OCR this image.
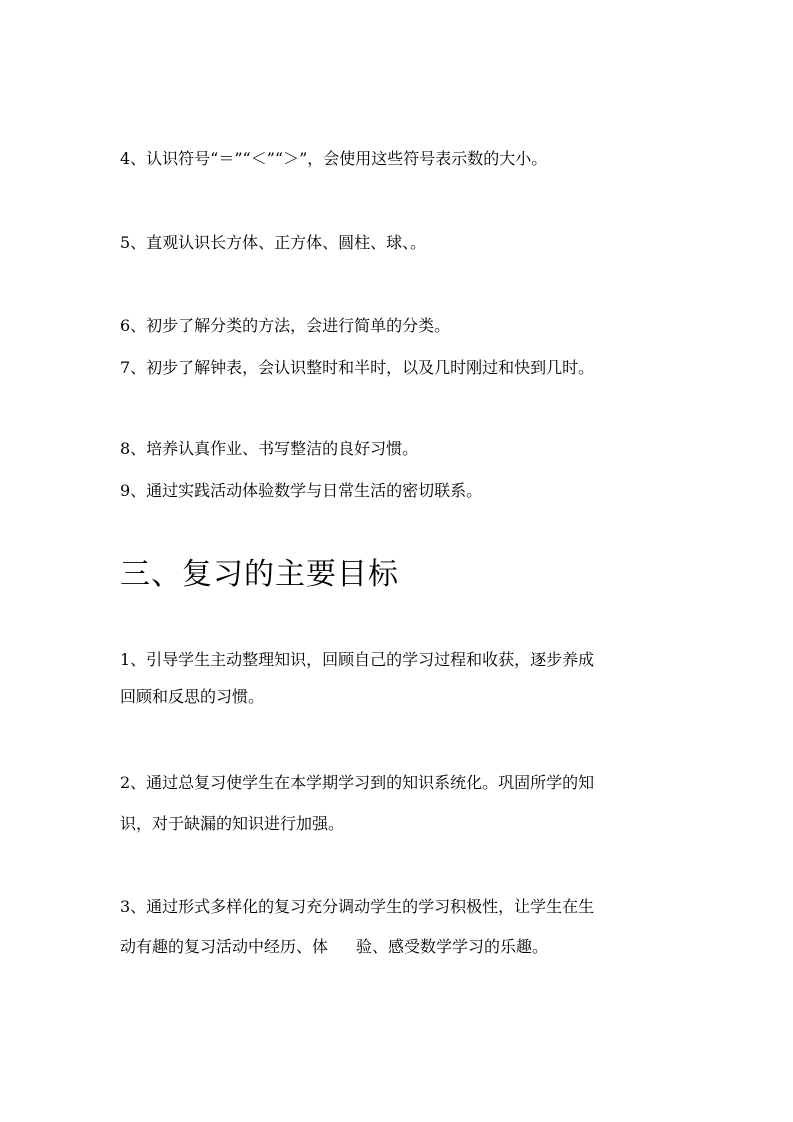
4、认识符号“＝”“＜”“＞”，会使用这些符号表示数的大小。
5、直观认识长方体、正方体、圆柱、球、。
6、初步了解分类的方法，会进行简单的分类。
7、初步了解钟表，会认识整时和半时，以及几时刚过和快到几时。
8、培养认真作业、书写整洁的良好习惯。
9、通过实践活动体验数学与日常生活的密切联系。
三、复习的主要目标
1、引导学生主动整理知识，回顾自己的学习过程和收获，逐步养成
回顾和反思的习惯。
2、通过总复习使学生在本学期学习到的知识系统化。巩固所学的知
识，对于缺漏的知识进行加强。
3、通过形式多样化的复习充分调动学生的学习积极性，让学生在生
动有趣的复习活动中经历、体 验、感受数学学习的乐趣。
